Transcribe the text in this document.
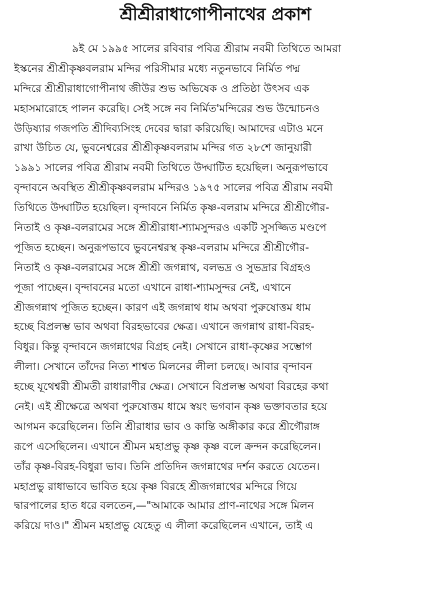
শ্রীশ্রীরাধাগোপীনাথের প্রকাশ
৯ই মে ১৯৯৫ সালের রবিবার পবিত্র শ্রীরাম নবমী তিথিতে আমরা
ইস্কনের শ্রীশ্রীকৃষ্ণবলরাম মন্দির পরিসীমার মধ্যে নতুনভাবে নির্মিত পদ্ম
মন্দিরে শ্রীশ্রীরাধাগোপীনাথ জীউর শুভ অভিষেক ও প্রতিষ্ঠা উৎসব এক
মহাসমারোহে পালন করেছি। সেই সঙ্গে নব নির্মিত'মন্দিরের শুভ উন্মোচনও
উড়িষ্যার গজপতি শ্রীদিব্যসিংহ দেবের দ্বারা করিয়েছি। আমাদের এটাও মনে
রাখা উচিত যে, ভুবনেশ্বরের শ্রীশ্রীকৃষ্ণবলরাম মন্দির গত ২৮শে জানুয়ারী
১৯৯১ সালের পবিত্র শ্রীরাম নবমী তিথিতে উদ্ঘাটিত হয়েছিল। অনুরূপভাবে
বৃন্দাবনে অবস্থিত শ্রীশ্রীকৃষ্ণবলরাম মন্দিরও ১৯৭৫ সালের পবিত্র শ্রীরাম নবমী
তিথিতে উদ্ঘাটিত হয়েছিল। বৃন্দাবনে নির্মিত কৃষ্ণ-বলরাম মন্দিরে শ্রীশ্রীগৌর-
নিতাই ও কৃষ্ণ-বলরামের সঙ্গে শ্রীশ্রীরাধা-শ্যামসুন্দরও একটি সুসজ্জিত মণ্ডপে
পূজিত হচ্ছেন। অনুরূপভাবে ভুবনেশ্বরস্থ কৃষ্ণ-বলরাম মন্দিরে শ্রীশ্রীগৌর-
নিতাই ও কৃষ্ণ-বলরামের সঙ্গে শ্রীশ্রী জগন্নাথ, বলভদ্র ও সুভদ্রার বিগ্রহও
পূজা পাচ্ছেন। বৃন্দাবনের মতো এখানে রাধা-শ্যামসুন্দর নেই, এখানে
শ্রীজগন্নাথ পূজিত হচ্ছেন। কারণ এই জগন্নাথ ধাম অথবা পুরুষোত্তম ধাম
হচ্ছে বিপ্রলম্ভ ভাব অথবা বিরহভাবের ক্ষেত্র। এখানে জগন্নাথ রাধা-বিরহ-
বিধুর। কিন্তু বৃন্দাবনে জগন্নাথের বিগ্রহ নেই। সেখানে রাধা-কৃষ্ণের সম্ভোগ
লীলা। সেখানে তাঁদের নিত্য শাশ্বত মিলনের লীলা চলছে। আবার বৃন্দাবন
হচ্ছে যূথেশ্বরী শ্রীমতী রাধারাণীর ক্ষেত্র। সেখানে বিপ্রলম্ভ অথবা বিরহের কথা
নেই। এই শ্রীক্ষেত্রে অথবা পুরুষোত্তম ধামে স্বয়ং ভগবান কৃষ্ণ ভক্তাবতার হয়ে
আগমন করেছিলেন। তিনি শ্রীরাধার ভাব ও কান্তি অঙ্গীকার করে শ্রীগৌরাঙ্গ
রূপে এসেছিলেন। এখানে শ্রীমন মহাপ্রভু কৃষ্ণ কৃষ্ণ বলে ক্রন্দন করেছিলেন।
তাঁর কৃষ্ণ-বিরহ-বিধুরা ভাব। তিনি প্রতিদিন জগন্নাথের দর্শন করতে যেতেন।
মহাপ্রভু রাধাভাবে ভাবিত হয়ে কৃষ্ণ বিরহে শ্রীজগন্নাথের মন্দিরে গিয়ে
দ্বারপালের হাত ধরে বলতেন,—"আমাকে আমার প্রাণ-নাথের সঙ্গে মিলন
করিয়ে দাও।" শ্রীমন মহাপ্রভু যেহেতু এ লীলা করেছিলেন এখানে, তাই এ
